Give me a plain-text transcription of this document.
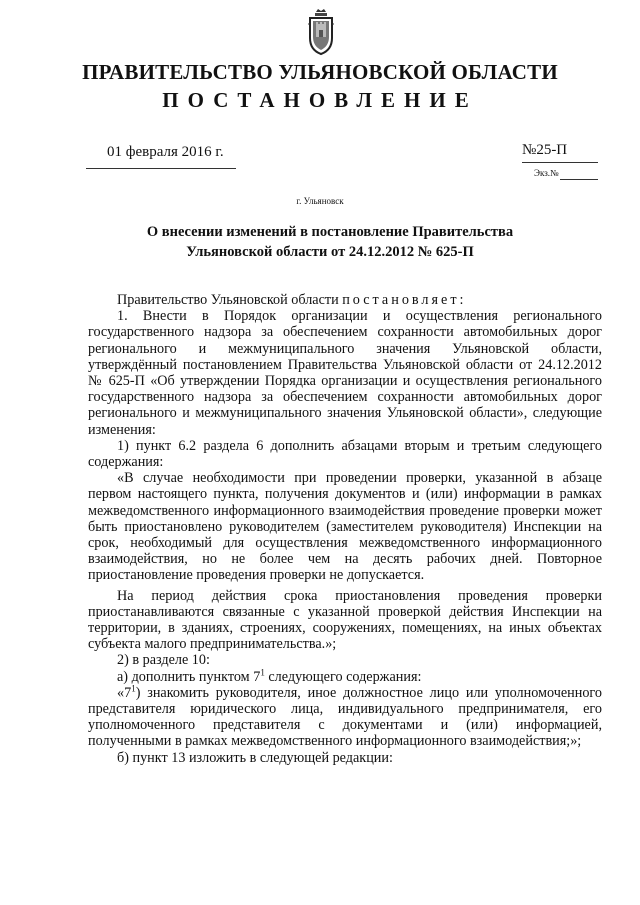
ПРАВИТЕЛЬСТВО УЛЬЯНОВСКОЙ ОБЛАСТИ
ПОСТАНОВЛЕНИЕ
01 февраля 2016 г.	№25-П
Экз.№
г. Ульяновск
О внесении изменений в постановление Правительства
Ульяновской области от 24.12.2012 № 625-П

Правительство Ульяновской области постановляет:

1. Внести в Порядок организации и осуществления регионального государственного надзора за обеспечением сохранности автомобильных дорог регионального и межмуниципального значения Ульяновской области, утверждённый постановлением Правительства Ульяновской области от 24.12.2012 № 625-П «Об утверждении Порядка организации и осуществления регионального государственного надзора за обеспечением сохранности автомобильных дорог регионального и межмуниципального значения Ульяновской области», следующие изменения:

1) пункт 6.2 раздела 6 дополнить абзацами вторым и третьим следующего содержания:

«В случае необходимости при проведении проверки, указанной в абзаце первом настоящего пункта, получения документов и (или) информации в рамках межведомственного информационного взаимодействия проведение проверки может быть приостановлено руководителем (заместителем руководителя) Инспекции на срок, необходимый для осуществления межведомственного информационного взаимодействия, но не более чем на десять рабочих дней. Повторное приостановление проведения проверки не допускается.

На период действия срока приостановления проведения проверки приостанавливаются связанные с указанной проверкой действия Инспекции на территории, в зданиях, строениях, сооружениях, помещениях, на иных объектах субъекта малого предпринимательства.»;

2) в разделе 10:

а) дополнить пунктом $7^1$ следующего содержания:

«$7^1$) знакомить руководителя, иное должностное лицо или уполномоченного представителя юридического лица, индивидуального предпринимателя, его уполномоченного представителя с документами и (или) информацией, полученными в рамках межведомственного информационного взаимодействия;»;

б) пункт 13 изложить в следующей редакции:
